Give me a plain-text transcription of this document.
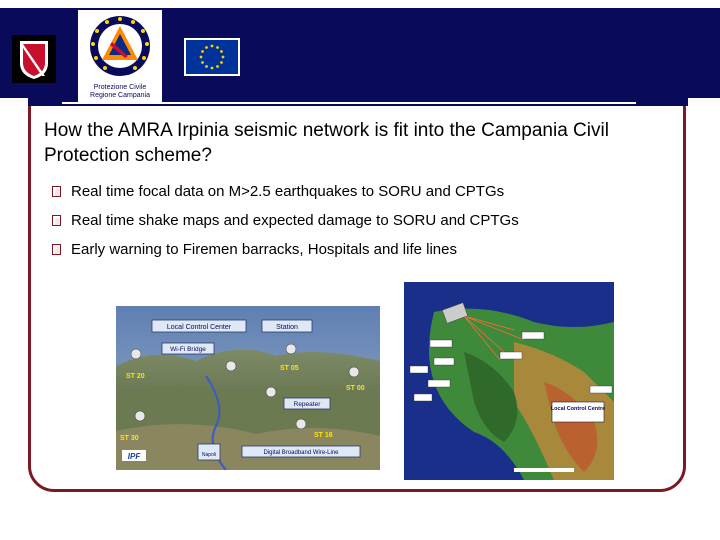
Protezione Civile
Regione Campania
How the AMRA Irpinia seismic network is fit into the Campania Civil Protection scheme?
Real time focal data on M>2.5 earthquakes to SORU and CPTGs
Real time shake maps and expected damage to SORU and CPTGs
Early warning to Firemen barracks, Hospitals and life lines
Local Control Center	Station
Wi-Fi Bridge
ST 20
ST 05
ST 00
Repeater
ST 30	ST 16
Napoli	Digital Broadband Wire-Line
IPF
Local Control Centre
